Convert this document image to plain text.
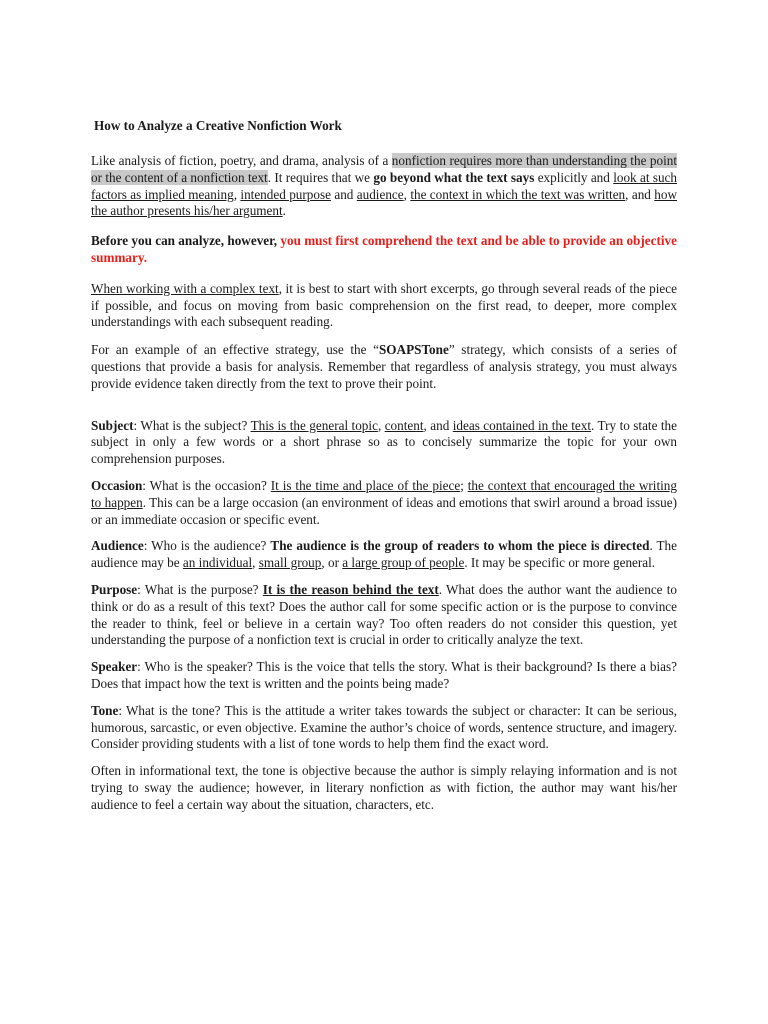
How to Analyze a Creative Nonfiction Work

Like analysis of fiction, poetry, and drama, analysis of a nonfiction requires more than understanding the point or the content of a nonfiction text. It requires that we go beyond what the text says explicitly and look at such factors as implied meaning, intended purpose and audience, the context in which the text was written, and how the author presents his/her argument.

Before you can analyze, however, you must first comprehend the text and be able to provide an objective summary.

When working with a complex text, it is best to start with short excerpts, go through several reads of the piece if possible, and focus on moving from basic comprehension on the first read, to deeper, more complex understandings with each subsequent reading.

For an example of an effective strategy, use the “SOAPSTone” strategy, which consists of a series of questions that provide a basis for analysis. Remember that regardless of analysis strategy, you must always provide evidence taken directly from the text to prove their point.

Subject: What is the subject? This is the general topic, content, and ideas contained in the text. Try to state the subject in only a few words or a short phrase so as to concisely summarize the topic for your own comprehension purposes.

Occasion: What is the occasion? It is the time and place of the piece; the context that encouraged the writing to happen. This can be a large occasion (an environment of ideas and emotions that swirl around a broad issue) or an immediate occasion or specific event.

Audience: Who is the audience? The audience is the group of readers to whom the piece is directed. The audience may be an individual, small group, or a large group of people. It may be specific or more general.

Purpose: What is the purpose? It is the reason behind the text. What does the author want the audience to think or do as a result of this text? Does the author call for some specific action or is the purpose to convince the reader to think, feel or believe in a certain way? Too often readers do not consider this question, yet understanding the purpose of a nonfiction text is crucial in order to critically analyze the text.

Speaker: Who is the speaker? This is the voice that tells the story. What is their background? Is there a bias? Does that impact how the text is written and the points being made?

Tone: What is the tone? This is the attitude a writer takes towards the subject or character: It can be serious, humorous, sarcastic, or even objective. Examine the author’s choice of words, sentence structure, and imagery. Consider providing students with a list of tone words to help them find the exact word.

Often in informational text, the tone is objective because the author is simply relaying information and is not trying to sway the audience; however, in literary nonfiction as with fiction, the author may want his/her audience to feel a certain way about the situation, characters, etc.
